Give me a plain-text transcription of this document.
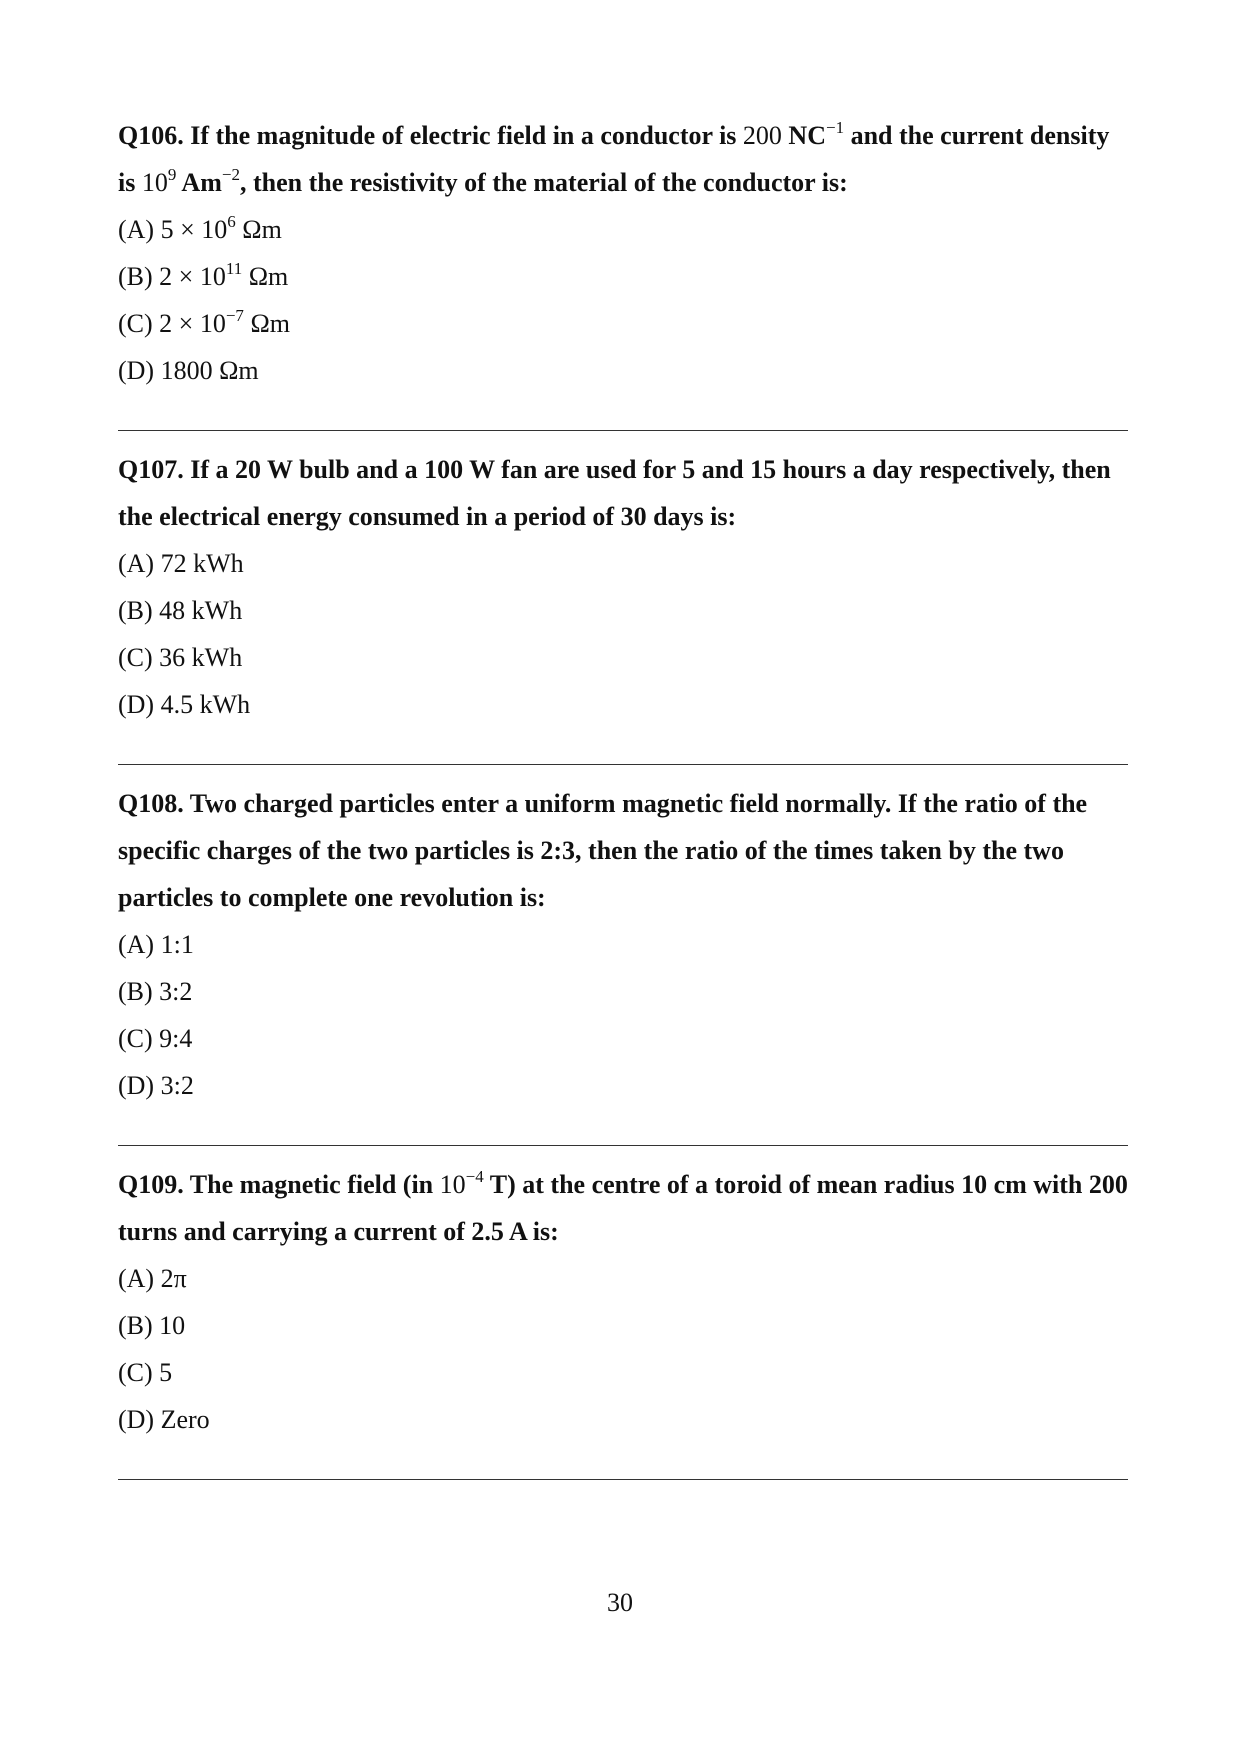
Q106. If the magnitude of electric field in a conductor is 200 $NC^{-1}$ and the current density is $10^9$ $Am^{-2}$, then the resistivity of the material of the conductor is:

(A) $5 \times 10^6$ Ωm

(B) $2 \times 10^{11}$ Ωm

(C) $2 \times 10^{-7}$ Ωm

(D) 1800 Ωm

Q107. If a 20 W bulb and a 100 W fan are used for 5 and 15 hours a day respectively, then the electrical energy consumed in a period of 30 days is:

(A) 72 kWh

(B) 48 kWh

(C) 36 kWh

(D) 4.5 kWh

Q108. Two charged particles enter a uniform magnetic field normally. If the ratio of the specific charges of the two particles is 2:3, then the ratio of the times taken by the two particles to complete one revolution is:

(A) 1:1

(B) 3:2

(C) 9:4

(D) 3:2

Q109. The magnetic field (in $10^{-4}$ T) at the centre of a toroid of mean radius 10 cm with 200 turns and carrying a current of 2.5 A is:

(A) 2π

(B) 10

(C) 5

(D) Zero

30
